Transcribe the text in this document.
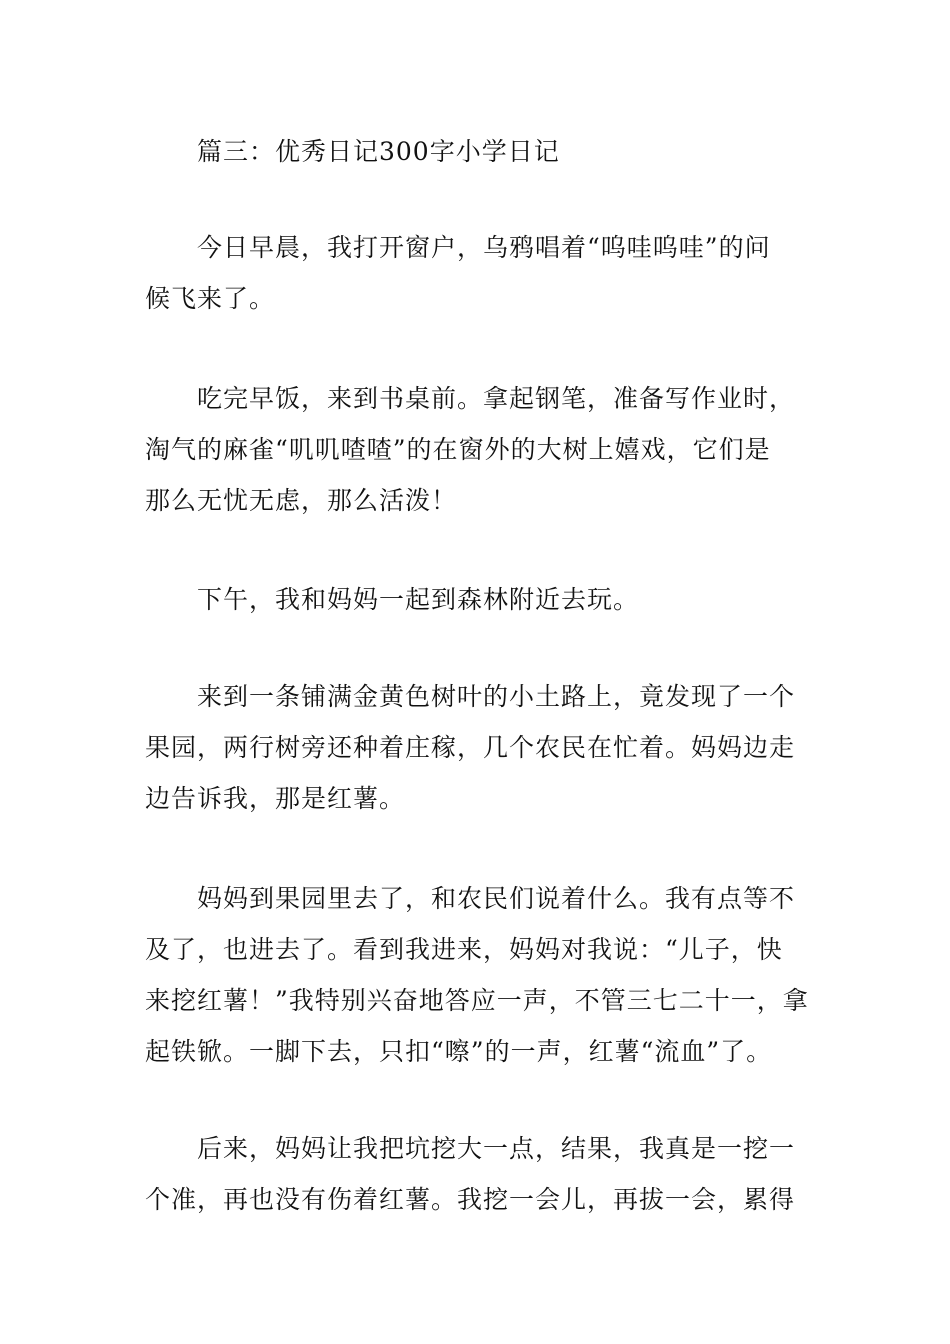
篇三：优秀日记300字小学日记

今日早晨，我打开窗户，乌鸦唱着“呜哇呜哇”的问
候飞来了。

吃完早饭，来到书桌前。拿起钢笔，准备写作业时，
淘气的麻雀“叽叽喳喳”的在窗外的大树上嬉戏，它们是
那么无忧无虑，那么活泼！

下午，我和妈妈一起到森林附近去玩。

来到一条铺满金黄色树叶的小土路上，竟发现了一个
果园，两行树旁还种着庄稼，几个农民在忙着。妈妈边走
边告诉我，那是红薯。

妈妈到果园里去了，和农民们说着什么。我有点等不
及了，也进去了。看到我进来，妈妈对我说：“儿子，快
来挖红薯！”我特别兴奋地答应一声，不管三七二十一，拿
起铁锨。一脚下去，只扣“嚓”的一声，红薯“流血”了。

后来，妈妈让我把坑挖大一点，结果，我真是一挖一
个准，再也没有伤着红薯。我挖一会儿，再拔一会，累得
